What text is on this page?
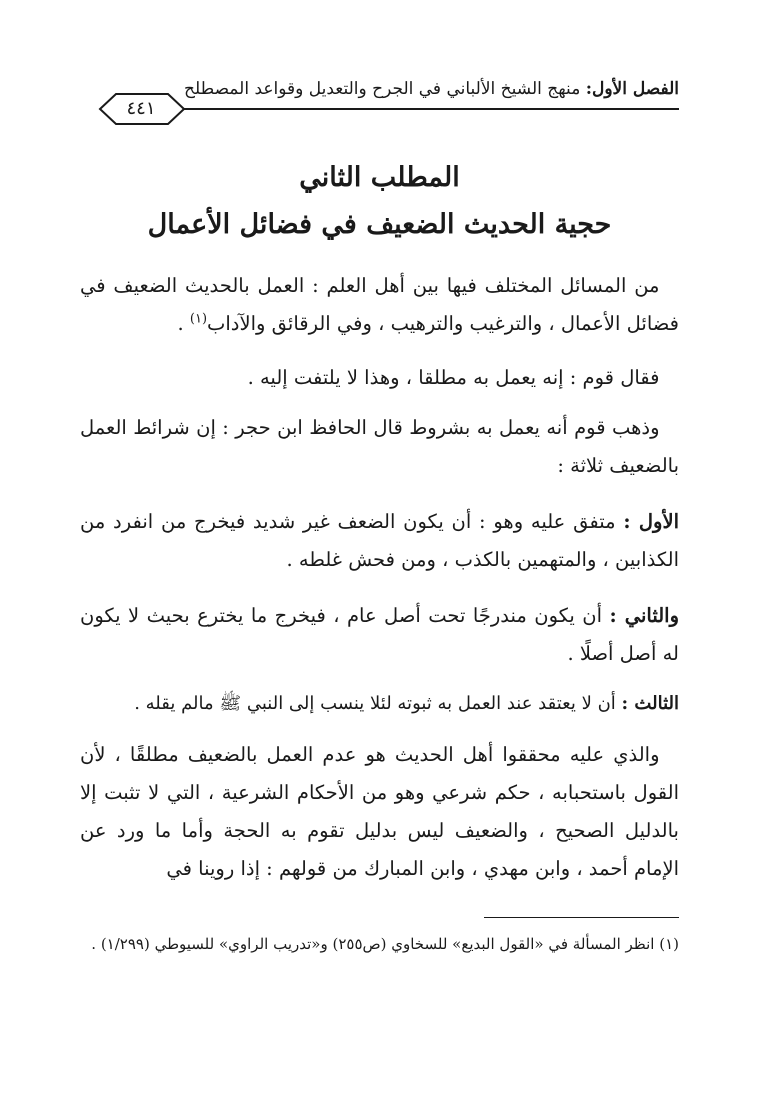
الفصل الأول: منهج الشيخ الألباني في الجرح والتعديل وقواعد المصطلح
٤٤١
المطلب الثاني
حجية الحديث الضعيف في فضائل الأعمال

 من المسائل المختلف فيها بين أهل العلم : العمل بالحديث الضعيف في فضائل الأعمال ، والترغيب والترهيب ، وفي الرقائق والآداب$^{(١)}$ .

 فقال قوم : إنه يعمل به مطلقا ، وهذا لا يلتفت إليه .

 وذهب قوم أنه يعمل به بشروط قال الحافظ ابن حجر : إن شرائط العمل بالضعيف ثلاثة :

الأول : متفق عليه وهو : أن يكون الضعف غير شديد فيخرج من انفرد من الكذابين ، والمتهمين بالكذب ، ومن فحش غلطه .

والثاني : أن يكون مندرجًا تحت أصل عام ، فيخرج ما يخترع بحيث لا يكون له أصل أصلًا .

الثالث : أن لا يعتقد عند العمل به ثبوته لئلا ينسب إلى النبي ﷺ مالم يقله .

 والذي عليه محققوا أهل الحديث هو عدم العمل بالضعيف مطلقًا ، لأن القول باستحبابه ، حكم شرعي وهو من الأحكام الشرعية ، التي لا تثبت إلا بالدليل الصحيح ، والضعيف ليس بدليل تقوم به الحجة وأما ما ورد عن الإمام أحمد ، وابن مهدي ، وابن المبارك من قولهم : إذا روينا في

(١) انظر المسألة في «القول البديع» للسخاوي (ص٢٥٥) و«تدريب الراوي» للسيوطي (١/٢٩٩) .
